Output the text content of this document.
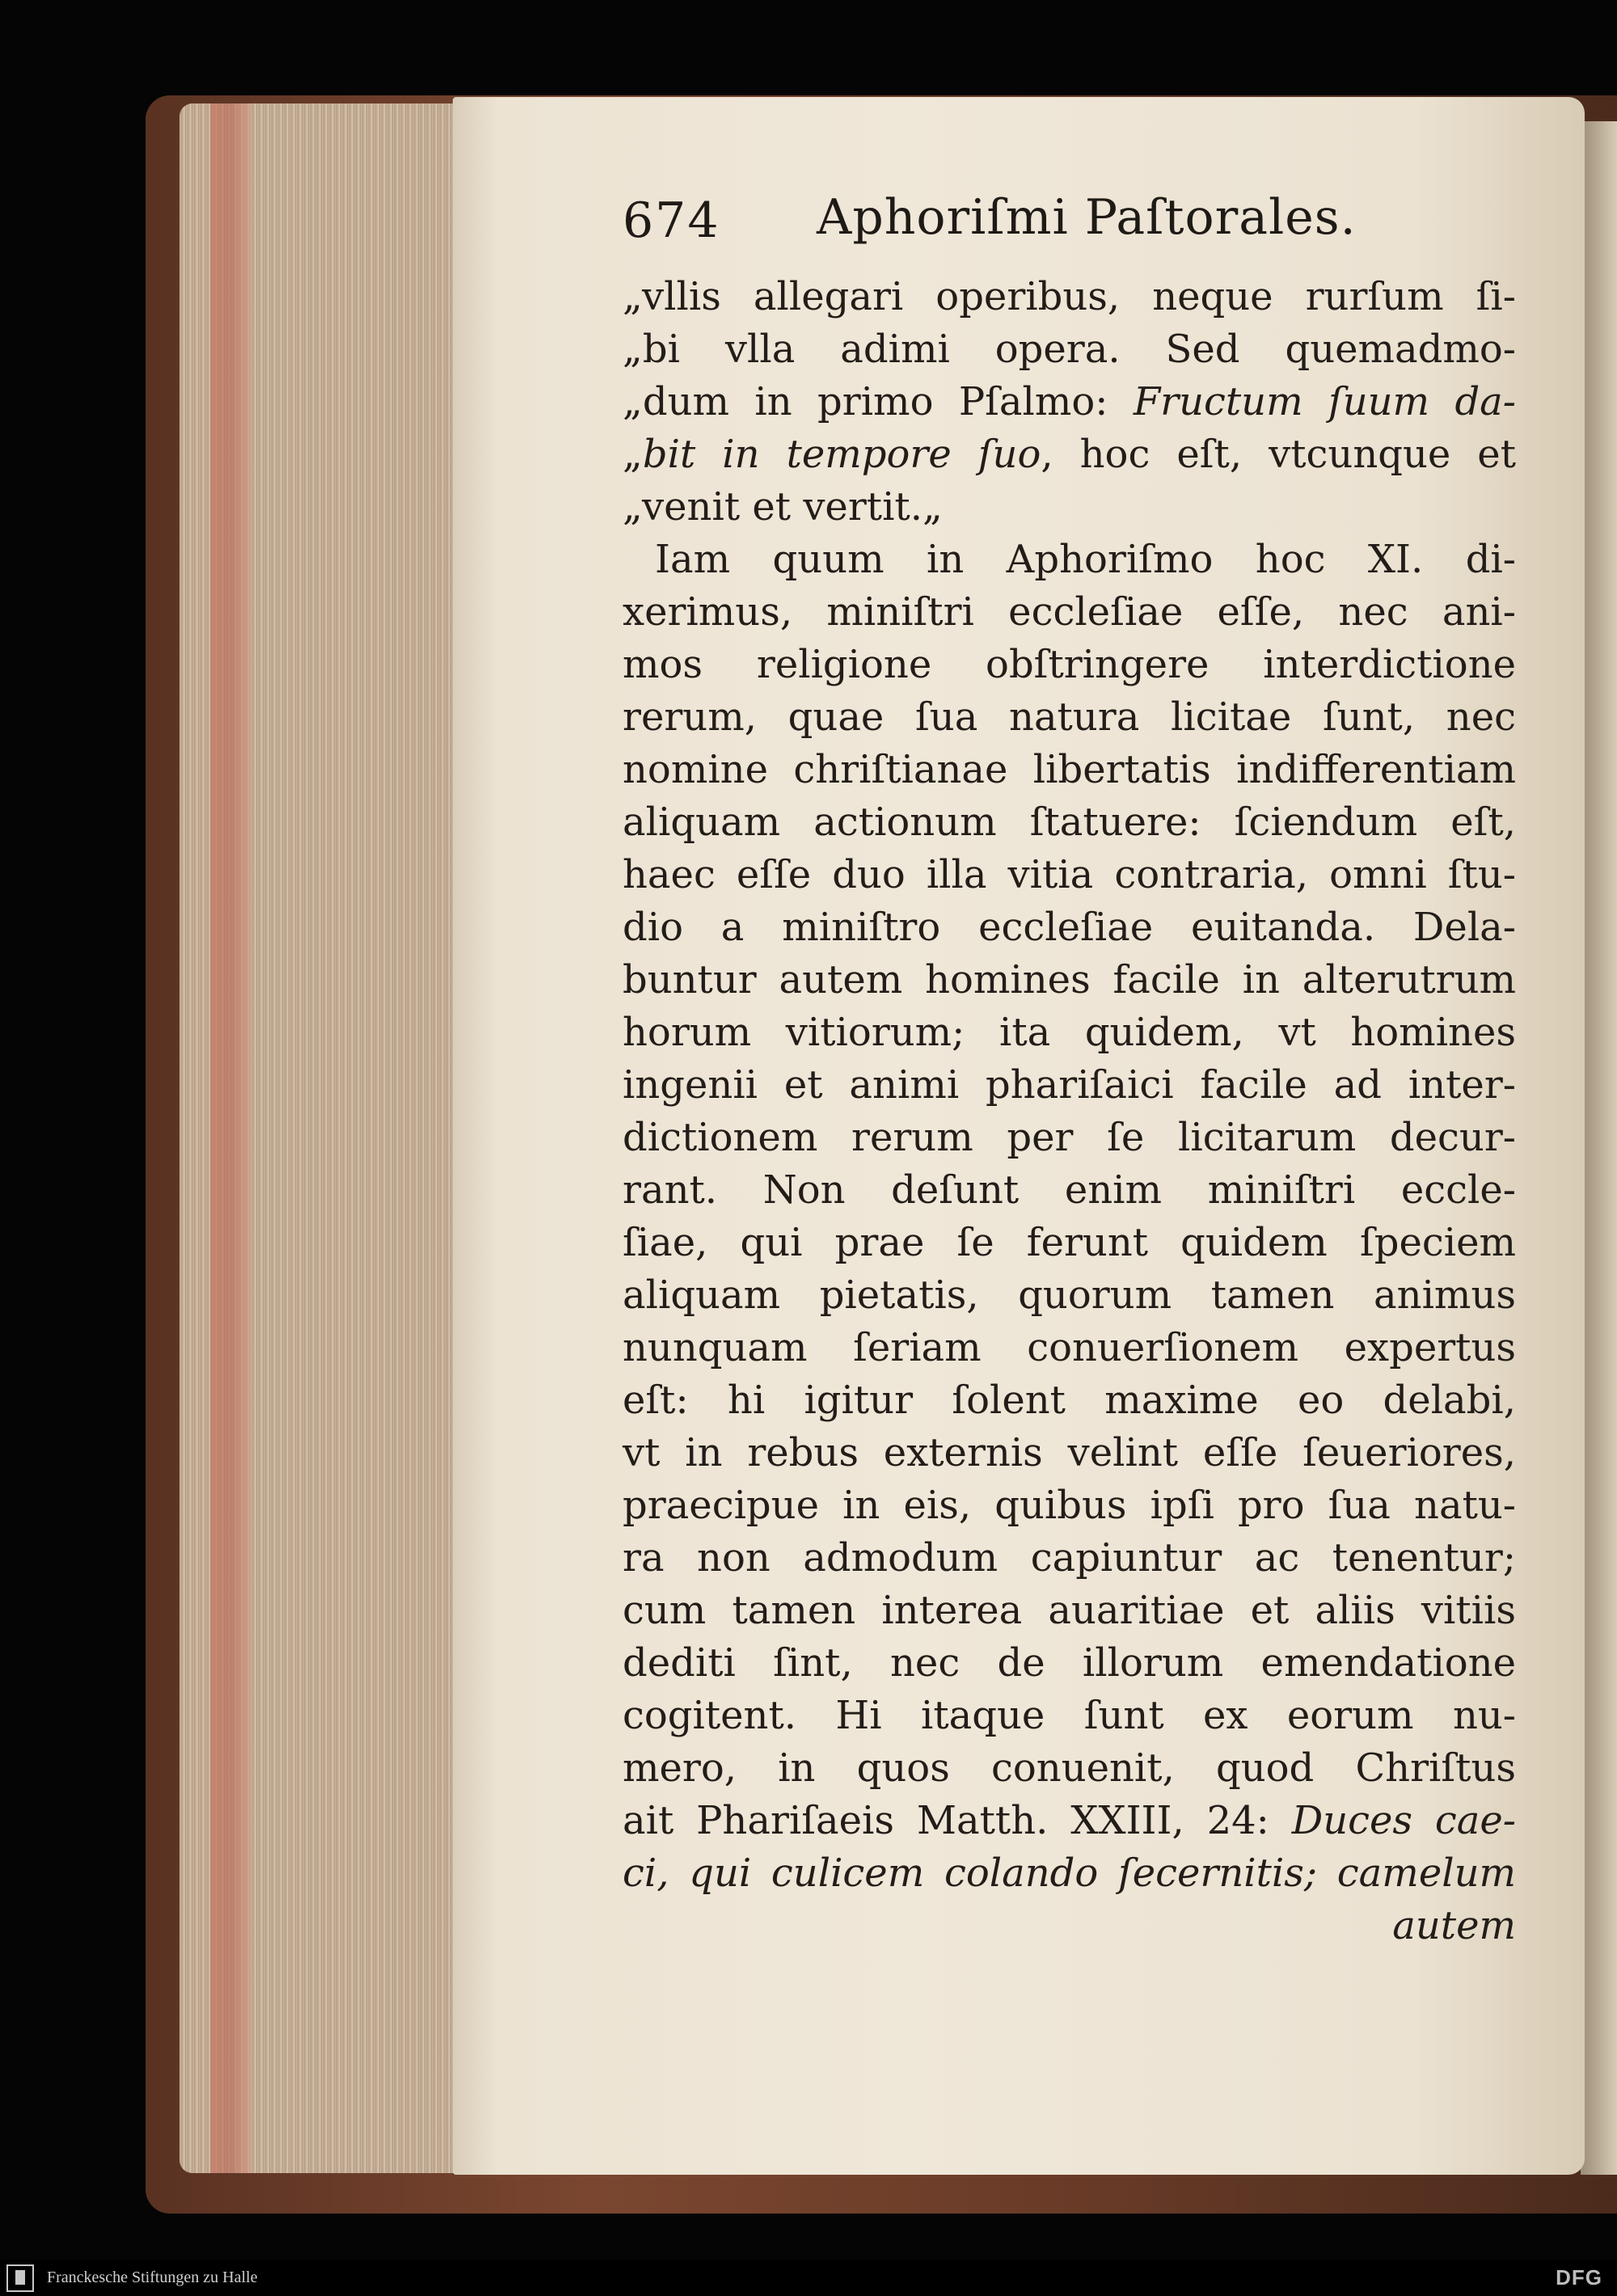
674 Aphoriſmi Paſtorales.
„vllis allegari operibus, neque rurſum ſi-
„bi vlla adimi opera. Sed quemadmo-
„dum in primo Pſalmo: Fructum ſuum da-
„bit in tempore ſuo, hoc eſt, vtcunque et
„venit et vertit.„
Iam quum in Aphoriſmo hoc XI. di-
xerimus, miniſtri eccleſiae eſſe, nec ani-
mos religione obſtringere interdictione
rerum, quae ſua natura licitae ſunt, nec
nomine chriſtianae libertatis indifferentiam
aliquam actionum ſtatuere: ſciendum eſt,
haec eſſe duo illa vitia contraria, omni ſtu-
dio a miniſtro eccleſiae euitanda. Dela-
buntur autem homines facile in alterutrum
horum vitiorum; ita quidem, vt homines
ingenii et animi phariſaici facile ad inter-
dictionem rerum per ſe licitarum decur-
rant. Non deſunt enim miniſtri eccle-
ſiae, qui prae ſe ferunt quidem ſpeciem
aliquam pietatis, quorum tamen animus
nunquam ſeriam conuerſionem expertus
eſt: hi igitur ſolent maxime eo delabi,
vt in rebus externis velint eſſe ſeueriores,
praecipue in eis, quibus ipſi pro ſua natu-
ra non admodum capiuntur ac tenentur;
cum tamen interea auaritiae et aliis vitiis
dediti ſint, nec de illorum emendatione
cogitent. Hi itaque ſunt ex eorum nu-
mero, in quos conuenit, quod Chriſtus
ait Phariſaeis Matth. XXIII, 24: Duces cae-
ci, qui culicem colando ſecernitis; camelum
autem
Franckesche Stiftungen zu Halle	DFG
